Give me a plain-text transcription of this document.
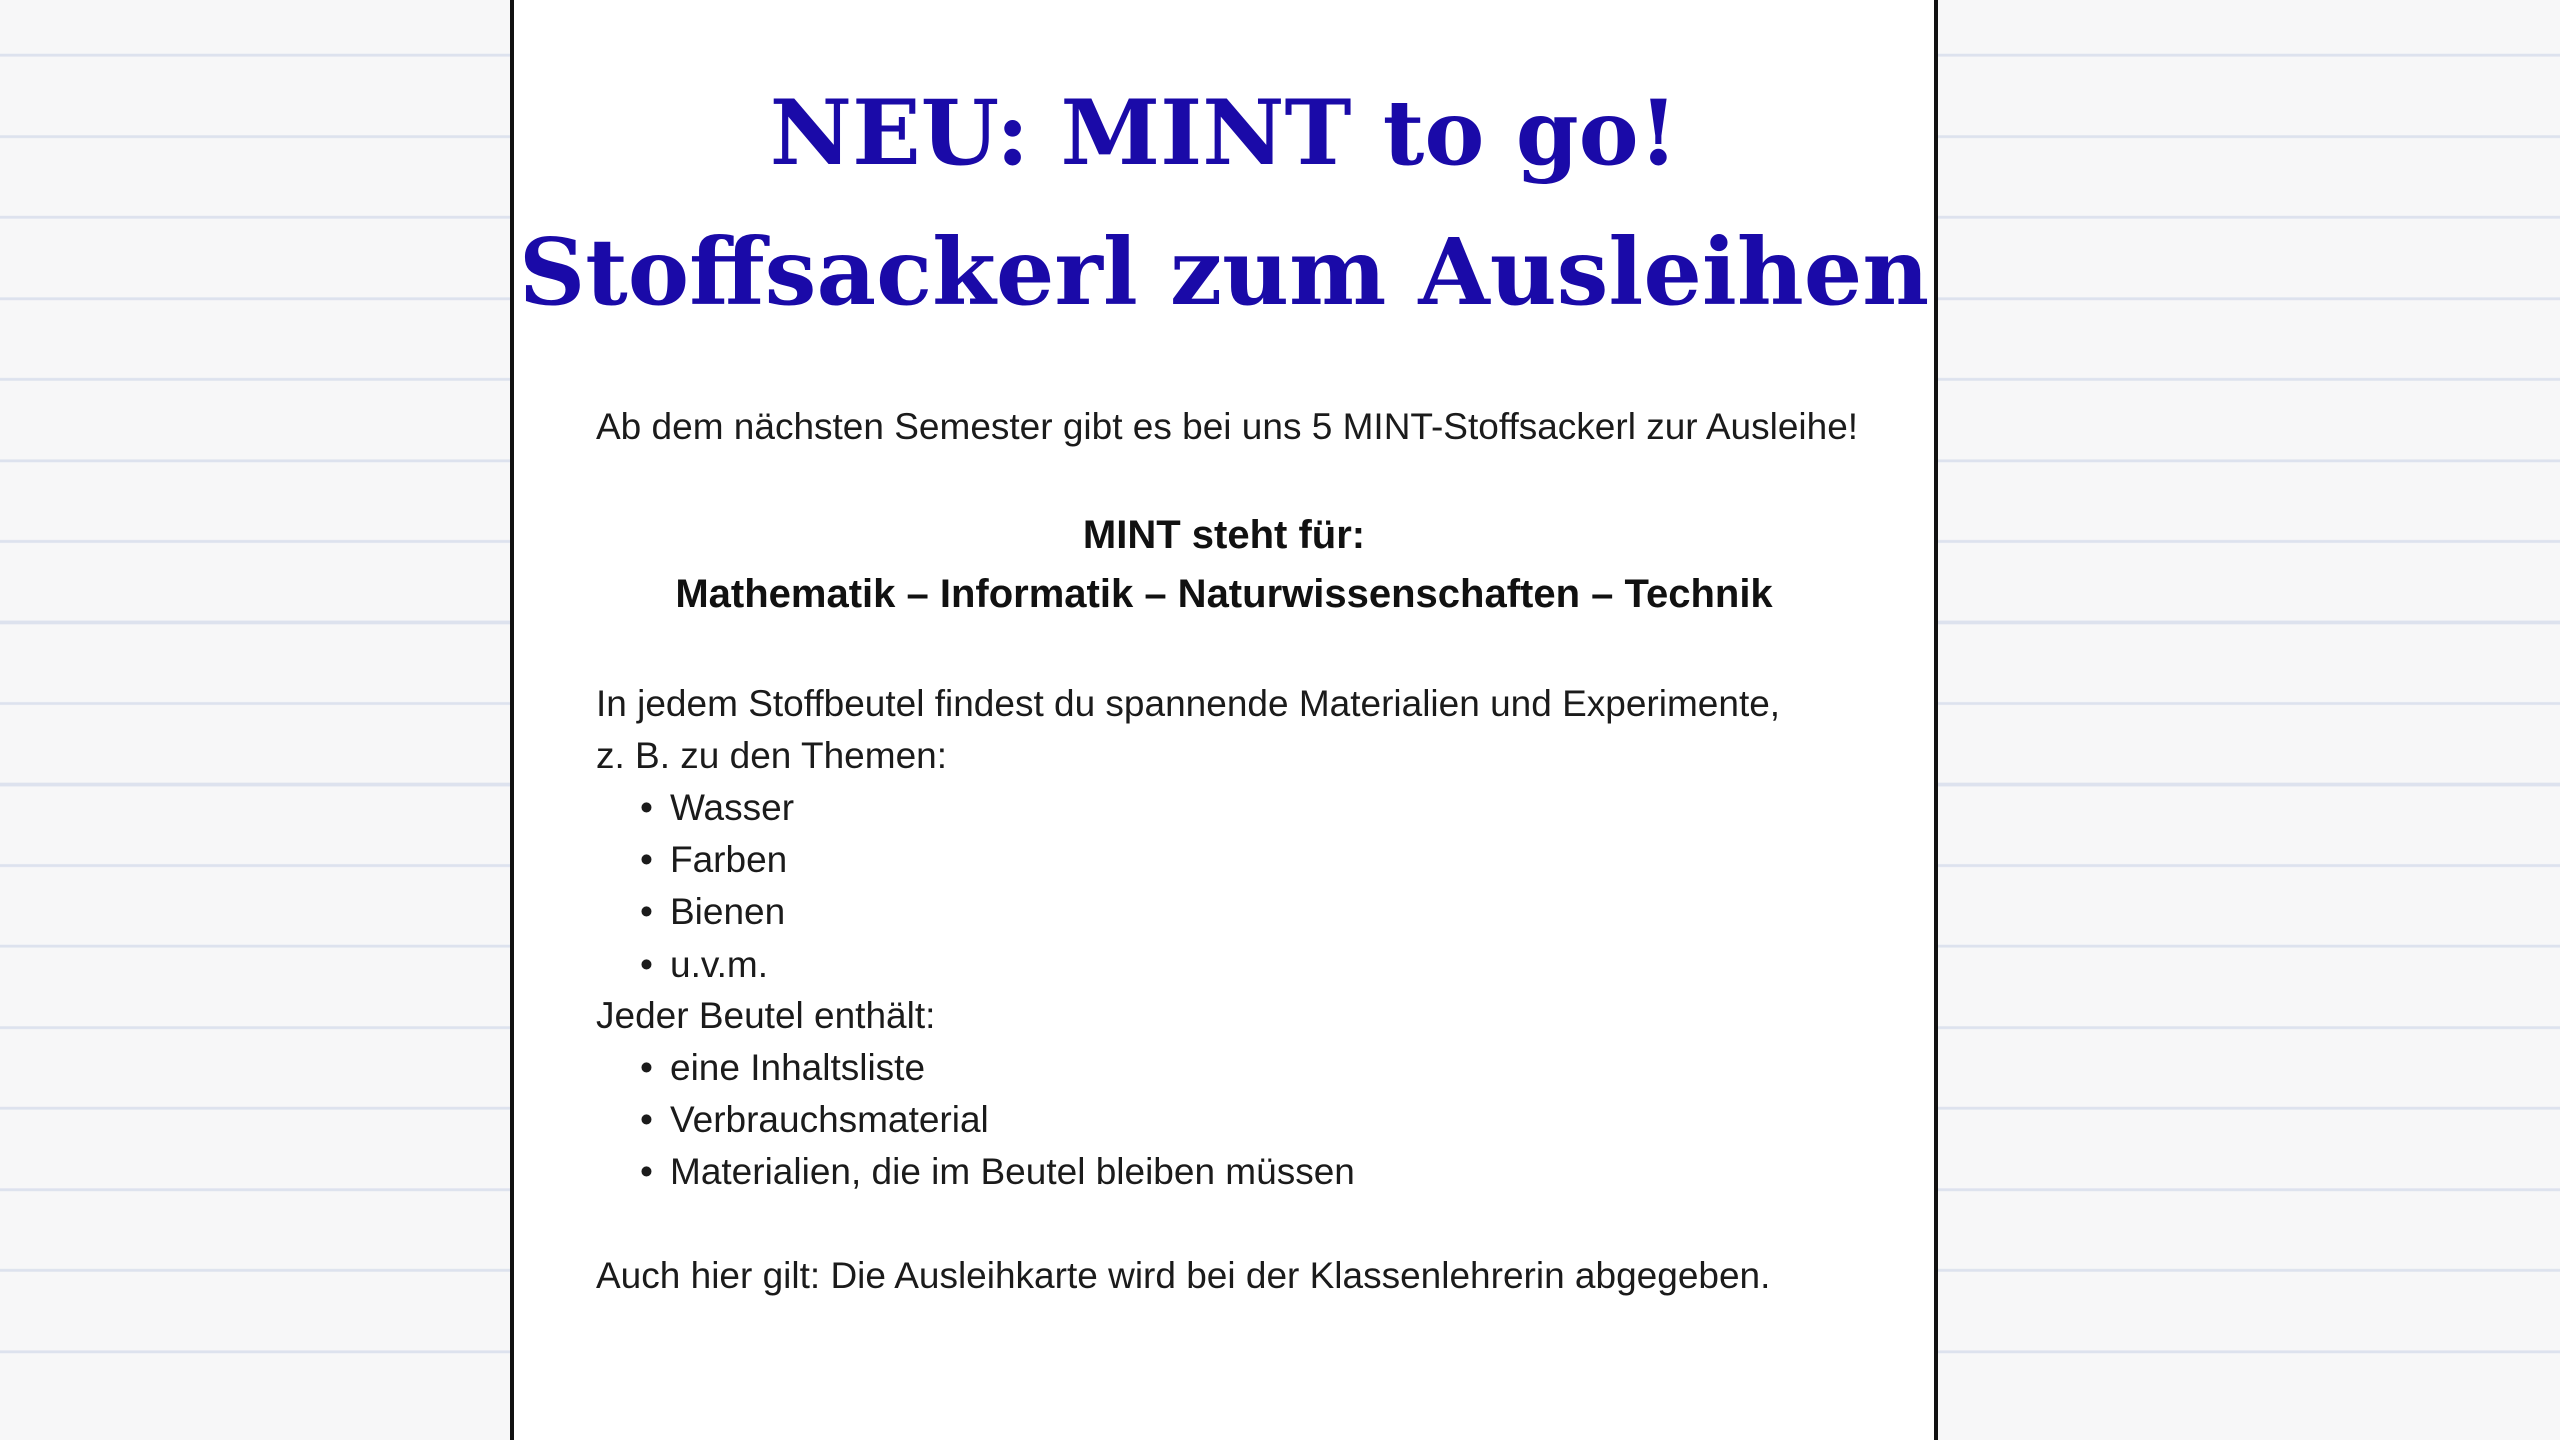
NEU: MINT to go!
Stoffsackerl zum Ausleihen
Ab dem nächsten Semester gibt es bei uns 5 MINT-Stoffsackerl zur Ausleihe!
MINT steht für:
Mathematik – Informatik – Naturwissenschaften – Technik
In jedem Stoffbeutel findest du spannende Materialien und Experimente,
z. B. zu den Themen:
• Wasser
• Farben
• Bienen
• u.v.m.
Jeder Beutel enthält:
• eine Inhaltsliste
• Verbrauchsmaterial
• Materialien, die im Beutel bleiben müssen
Auch hier gilt: Die Ausleihkarte wird bei der Klassenlehrerin abgegeben.
